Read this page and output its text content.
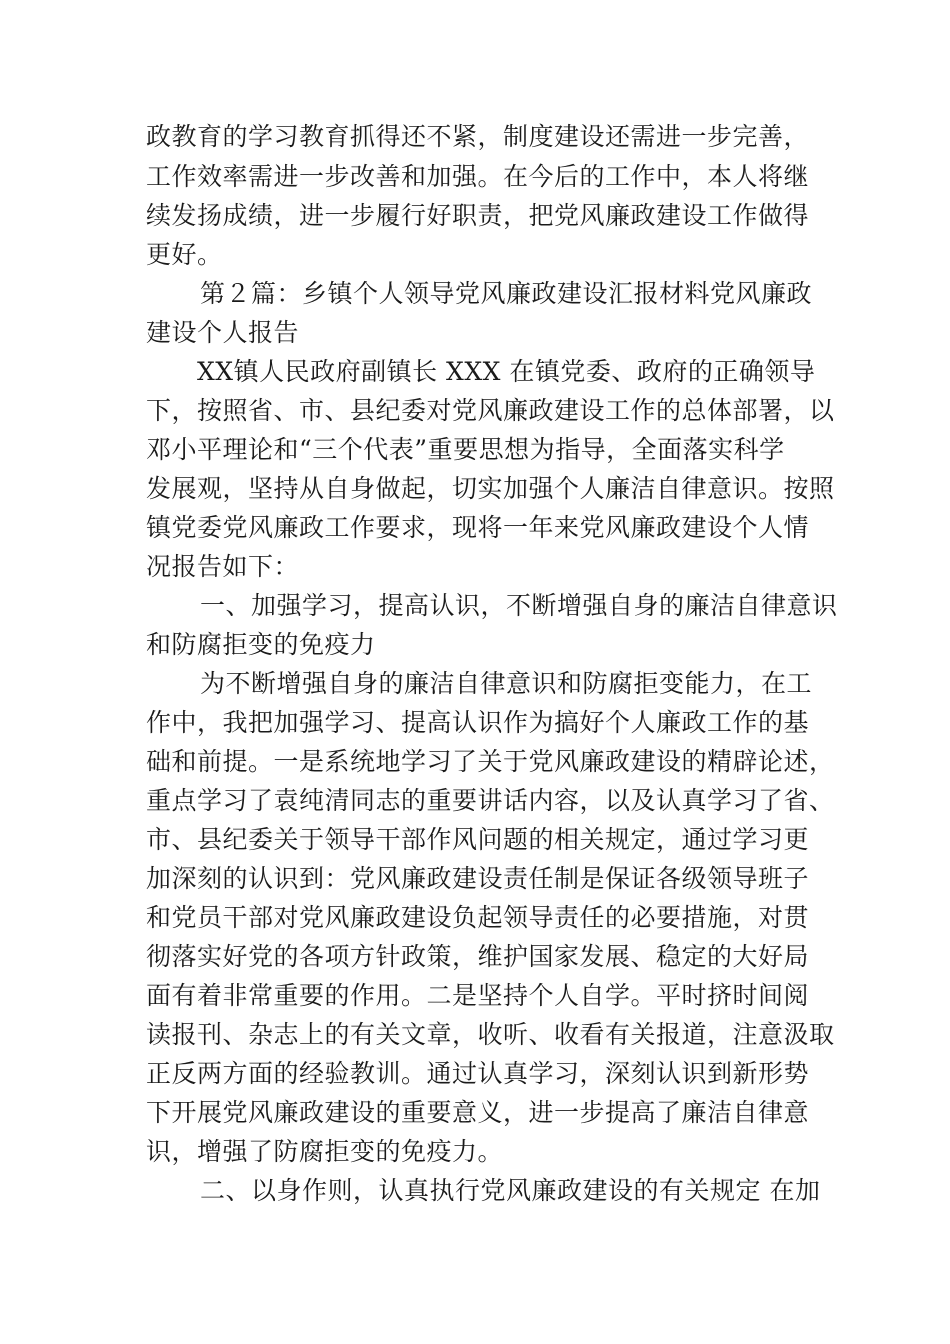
政教育的学习教育抓得还不紧，制度建设还需进一步完善，
工作效率需进一步改善和加强。在今后的工作中，本人将继
续发扬成绩，进一步履行好职责，把党风廉政建设工作做得
更好。
第２篇：乡镇个人领导党风廉政建设汇报材料党风廉政
建设个人报告
XX镇人民政府副镇长 XXX 在镇党委、政府的正确领导
下，按照省、市、县纪委对党风廉政建设工作的总体部署，以
邓小平理论和“三个代表”重要思想为指导，全面落实科学
发展观，坚持从自身做起，切实加强个人廉洁自律意识。按照
镇党委党风廉政工作要求，现将一年来党风廉政建设个人情
况报告如下：
一、加强学习，提高认识，不断增强自身的廉洁自律意识
和防腐拒变的免疫力
为不断增强自身的廉洁自律意识和防腐拒变能力，在工
作中，我把加强学习、提高认识作为搞好个人廉政工作的基
础和前提。一是系统地学习了关于党风廉政建设的精辟论述，
重点学习了袁纯清同志的重要讲话内容，以及认真学习了省、
市、县纪委关于领导干部作风问题的相关规定，通过学习更
加深刻的认识到：党风廉政建设责任制是保证各级领导班子
和党员干部对党风廉政建设负起领导责任的必要措施，对贯
彻落实好党的各项方针政策，维护国家发展、稳定的大好局
面有着非常重要的作用。二是坚持个人自学。平时挤时间阅
读报刊、杂志上的有关文章，收听、收看有关报道，注意汲取
正反两方面的经验教训。通过认真学习，深刻认识到新形势
下开展党风廉政建设的重要意义，进一步提高了廉洁自律意
识，增强了防腐拒变的免疫力。
二、以身作则，认真执行党风廉政建设的有关规定 在加
